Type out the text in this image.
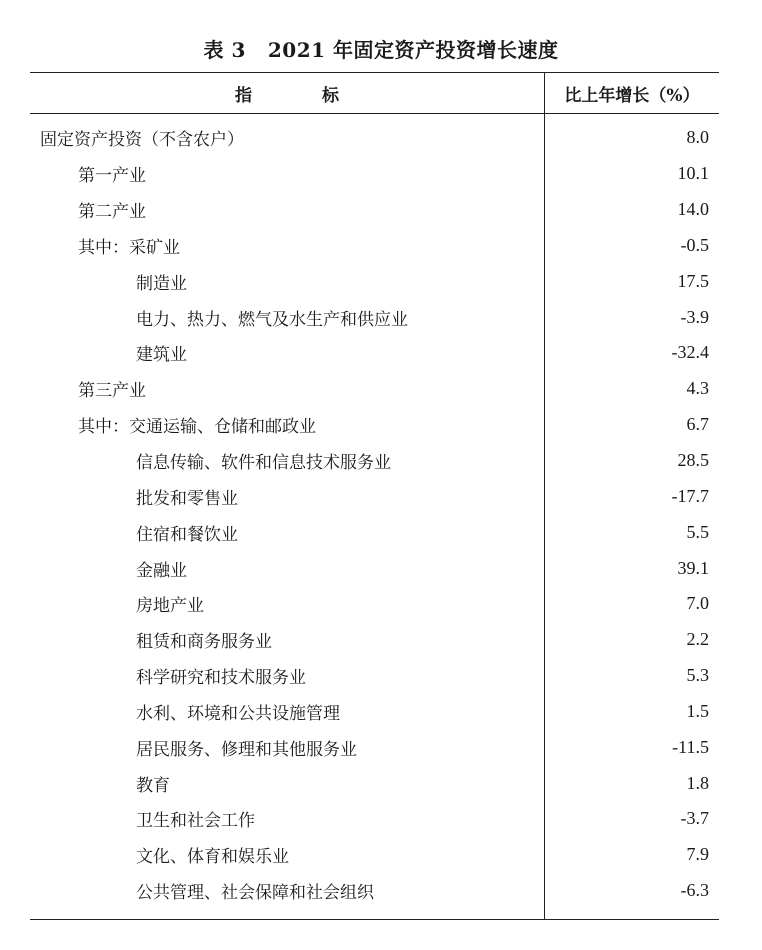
表 3 2021 年固定资产投资增长速度
指	标	比上年增长（%）
固定资产投资（不含农户）
第一产业
第二产业
其中：采矿业
制造业
电力、热力、燃气及水生产和供应业
建筑业
第三产业
其中：交通运输、仓储和邮政业
信息传输、软件和信息技术服务业
批发和零售业
住宿和餐饮业
金融业
房地产业
租赁和商务服务业
科学研究和技术服务业
水利、环境和公共设施管理
居民服务、修理和其他服务业
教育
卫生和社会工作
文化、体育和娱乐业
公共管理、社会保障和社会组织
8.0
10.1
14.0
-0.5
17.5
-3.9
-32.4
4.3
6.7
28.5
-17.7
5.5
39.1
7.0
2.2
5.3
1.5
-11.5
1.8
-3.7
7.9
-6.3
